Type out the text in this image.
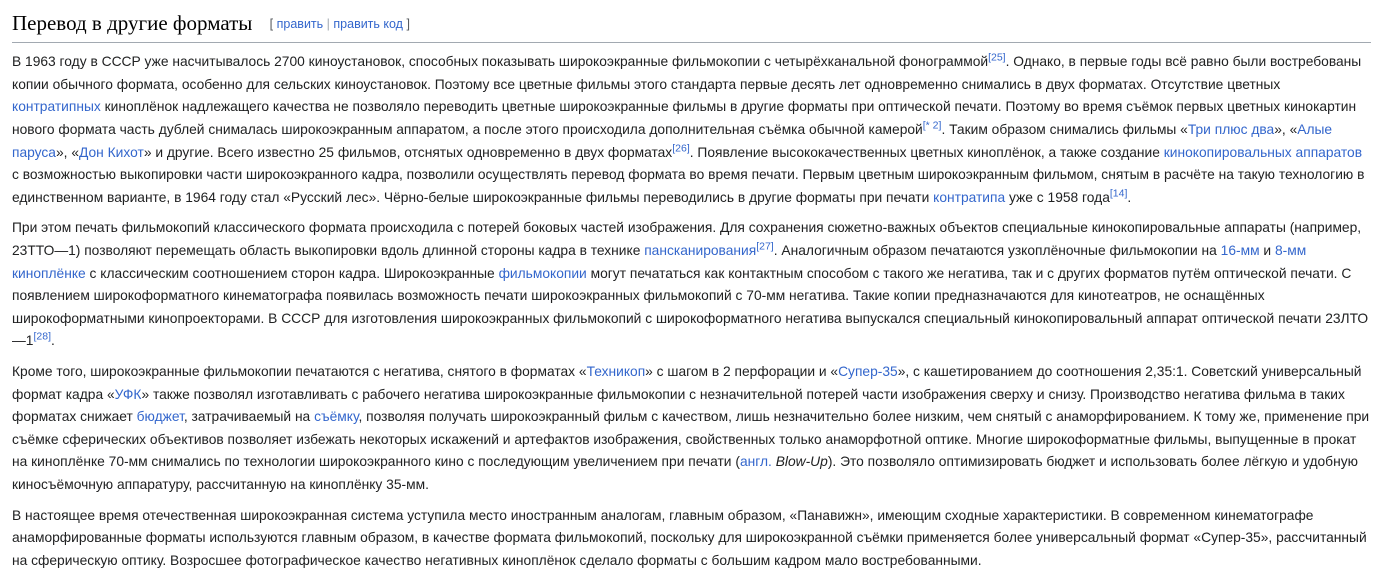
Перевод в другие форматы [ править | править код ]

В 1963 году в СССР уже насчитывалось 2700 киноустановок, способных показывать широкоэкранные фильмокопии с четырёхканальной фонограммой[25]. Однако, в первые годы всё равно были востребованы копии обычного формата, особенно для сельских киноустановок. Поэтому все цветные фильмы этого стандарта первые десять лет одновременно снимались в двух форматах. Отсутствие цветных контратипных киноплёнок надлежащего качества не позволяло переводить цветные широкоэкранные фильмы в другие форматы при оптической печати. Поэтому во время съёмок первых цветных кинокартин нового формата часть дублей снималась широкоэкранным аппаратом, а после этого происходила дополнительная съёмка обычной камерой[* 2]. Таким образом снимались фильмы «Три плюс два», «Алые паруса», «Дон Кихот» и другие. Всего известно 25 фильмов, отснятых одновременно в двух форматах[26]. Появление высококачественных цветных киноплёнок, а также создание кинокопировальных аппаратов с возможностью выкопировки части широкоэкранного кадра, позволили осуществлять перевод формата во время печати. Первым цветным широкоэкранным фильмом, снятым в расчёте на такую технологию в единственном варианте, в 1964 году стал «Русский лес». Чёрно-белые широкоэкранные фильмы переводились в другие форматы при печати контратипа уже с 1958 года[14].

При этом печать фильмокопий классического формата происходила с потерей боковых частей изображения. Для сохранения сюжетно-важных объектов специальные кинокопировальные аппараты (например, 23ТТО—1) позволяют перемещать область выкопировки вдоль длинной стороны кадра в технике пансканирования[27]. Аналогичным образом печатаются узкоплёночные фильмокопии на 16-мм и 8-мм киноплёнке с классическим соотношением сторон кадра. Широкоэкранные фильмокопии могут печататься как контактным способом с такого же негатива, так и с других форматов путём оптической печати. С появлением широкоформатного кинематографа появилась возможность печати широкоэкранных фильмокопий с 70-мм негатива. Такие копии предназначаются для кинотеатров, не оснащённых широкоформатными кинопроекторами. В СССР для изготовления широкоэкранных фильмокопий с широкоформатного негатива выпускался специальный кинокопировальный аппарат оптической печати 23ЛТО—1[28].

Кроме того, широкоэкранные фильмокопии печатаются с негатива, снятого в форматах «Техникоп» с шагом в 2 перфорации и «Супер-35», с кашетированием до соотношения 2,35:1. Советский универсальный формат кадра «УФК» также позволял изготавливать с рабочего негатива широкоэкранные фильмокопии с незначительной потерей части изображения сверху и снизу. Производство негатива фильма в таких форматах снижает бюджет, затрачиваемый на съёмку, позволяя получать широкоэкранный фильм с качеством, лишь незначительно более низким, чем снятый с анаморфированием. К тому же, применение при съёмке сферических объективов позволяет избежать некоторых искажений и артефактов изображения, свойственных только анаморфотной оптике. Многие широкоформатные фильмы, выпущенные в прокат на киноплёнке 70-мм снимались по технологии широкоэкранного кино с последующим увеличением при печати (англ. Blow-Up). Это позволяло оптимизировать бюджет и использовать более лёгкую и удобную киносъёмочную аппаратуру, рассчитанную на киноплёнку 35-мм.

В настоящее время отечественная широкоэкранная система уступила место иностранным аналогам, главным образом, «Панавижн», имеющим сходные характеристики. В современном кинематографе анаморфированные форматы используются главным образом, в качестве формата фильмокопий, поскольку для широкоэкранной съёмки применяется более универсальный формат «Супер-35», рассчитанный на сферическую оптику. Возросшее фотографическое качество негативных киноплёнок сделало форматы с большим кадром мало востребованными.
